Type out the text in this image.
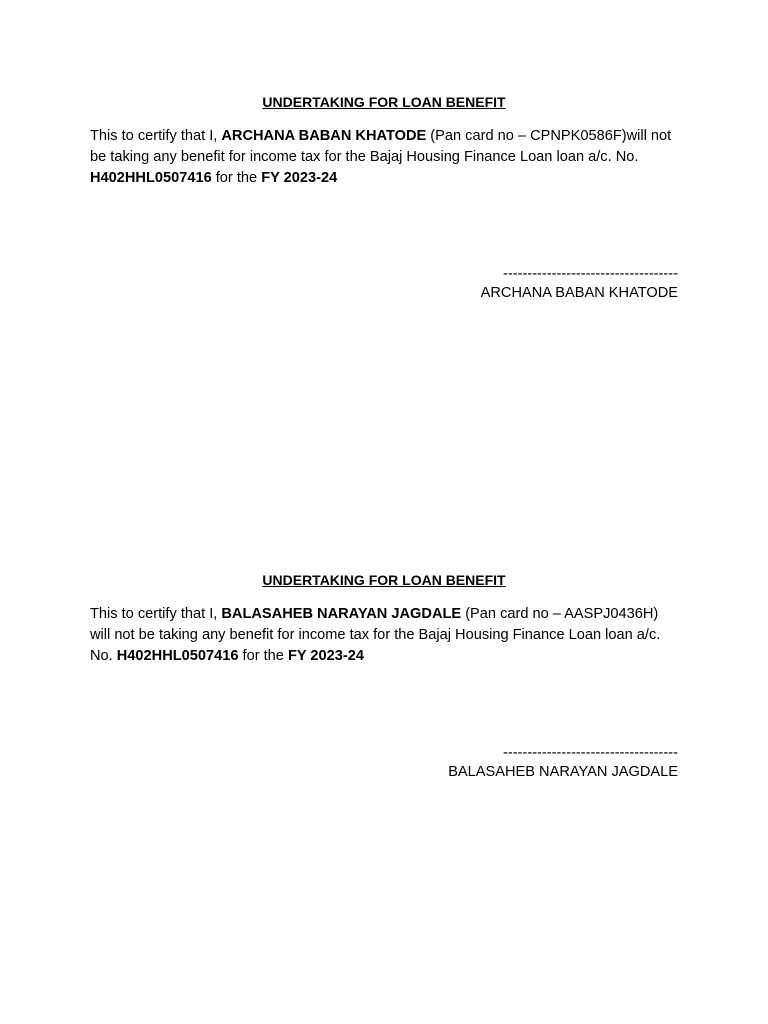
UNDERTAKING FOR LOAN BENEFIT

This to certify that I, ARCHANA BABAN KHATODE (Pan card no – CPNPK0586F)will not be taking any benefit for income tax for the Bajaj Housing Finance Loan loan a/c. No. H402HHL0507416 for the FY 2023-24

------------------------------------
ARCHANA BABAN KHATODE

UNDERTAKING FOR LOAN BENEFIT

This to certify that I, BALASAHEB NARAYAN JAGDALE (Pan card no – AASPJ0436H) will not be taking any benefit for income tax for the Bajaj Housing Finance Loan loan a/c. No. H402HHL0507416 for the FY 2023-24

------------------------------------
BALASAHEB NARAYAN JAGDALE
